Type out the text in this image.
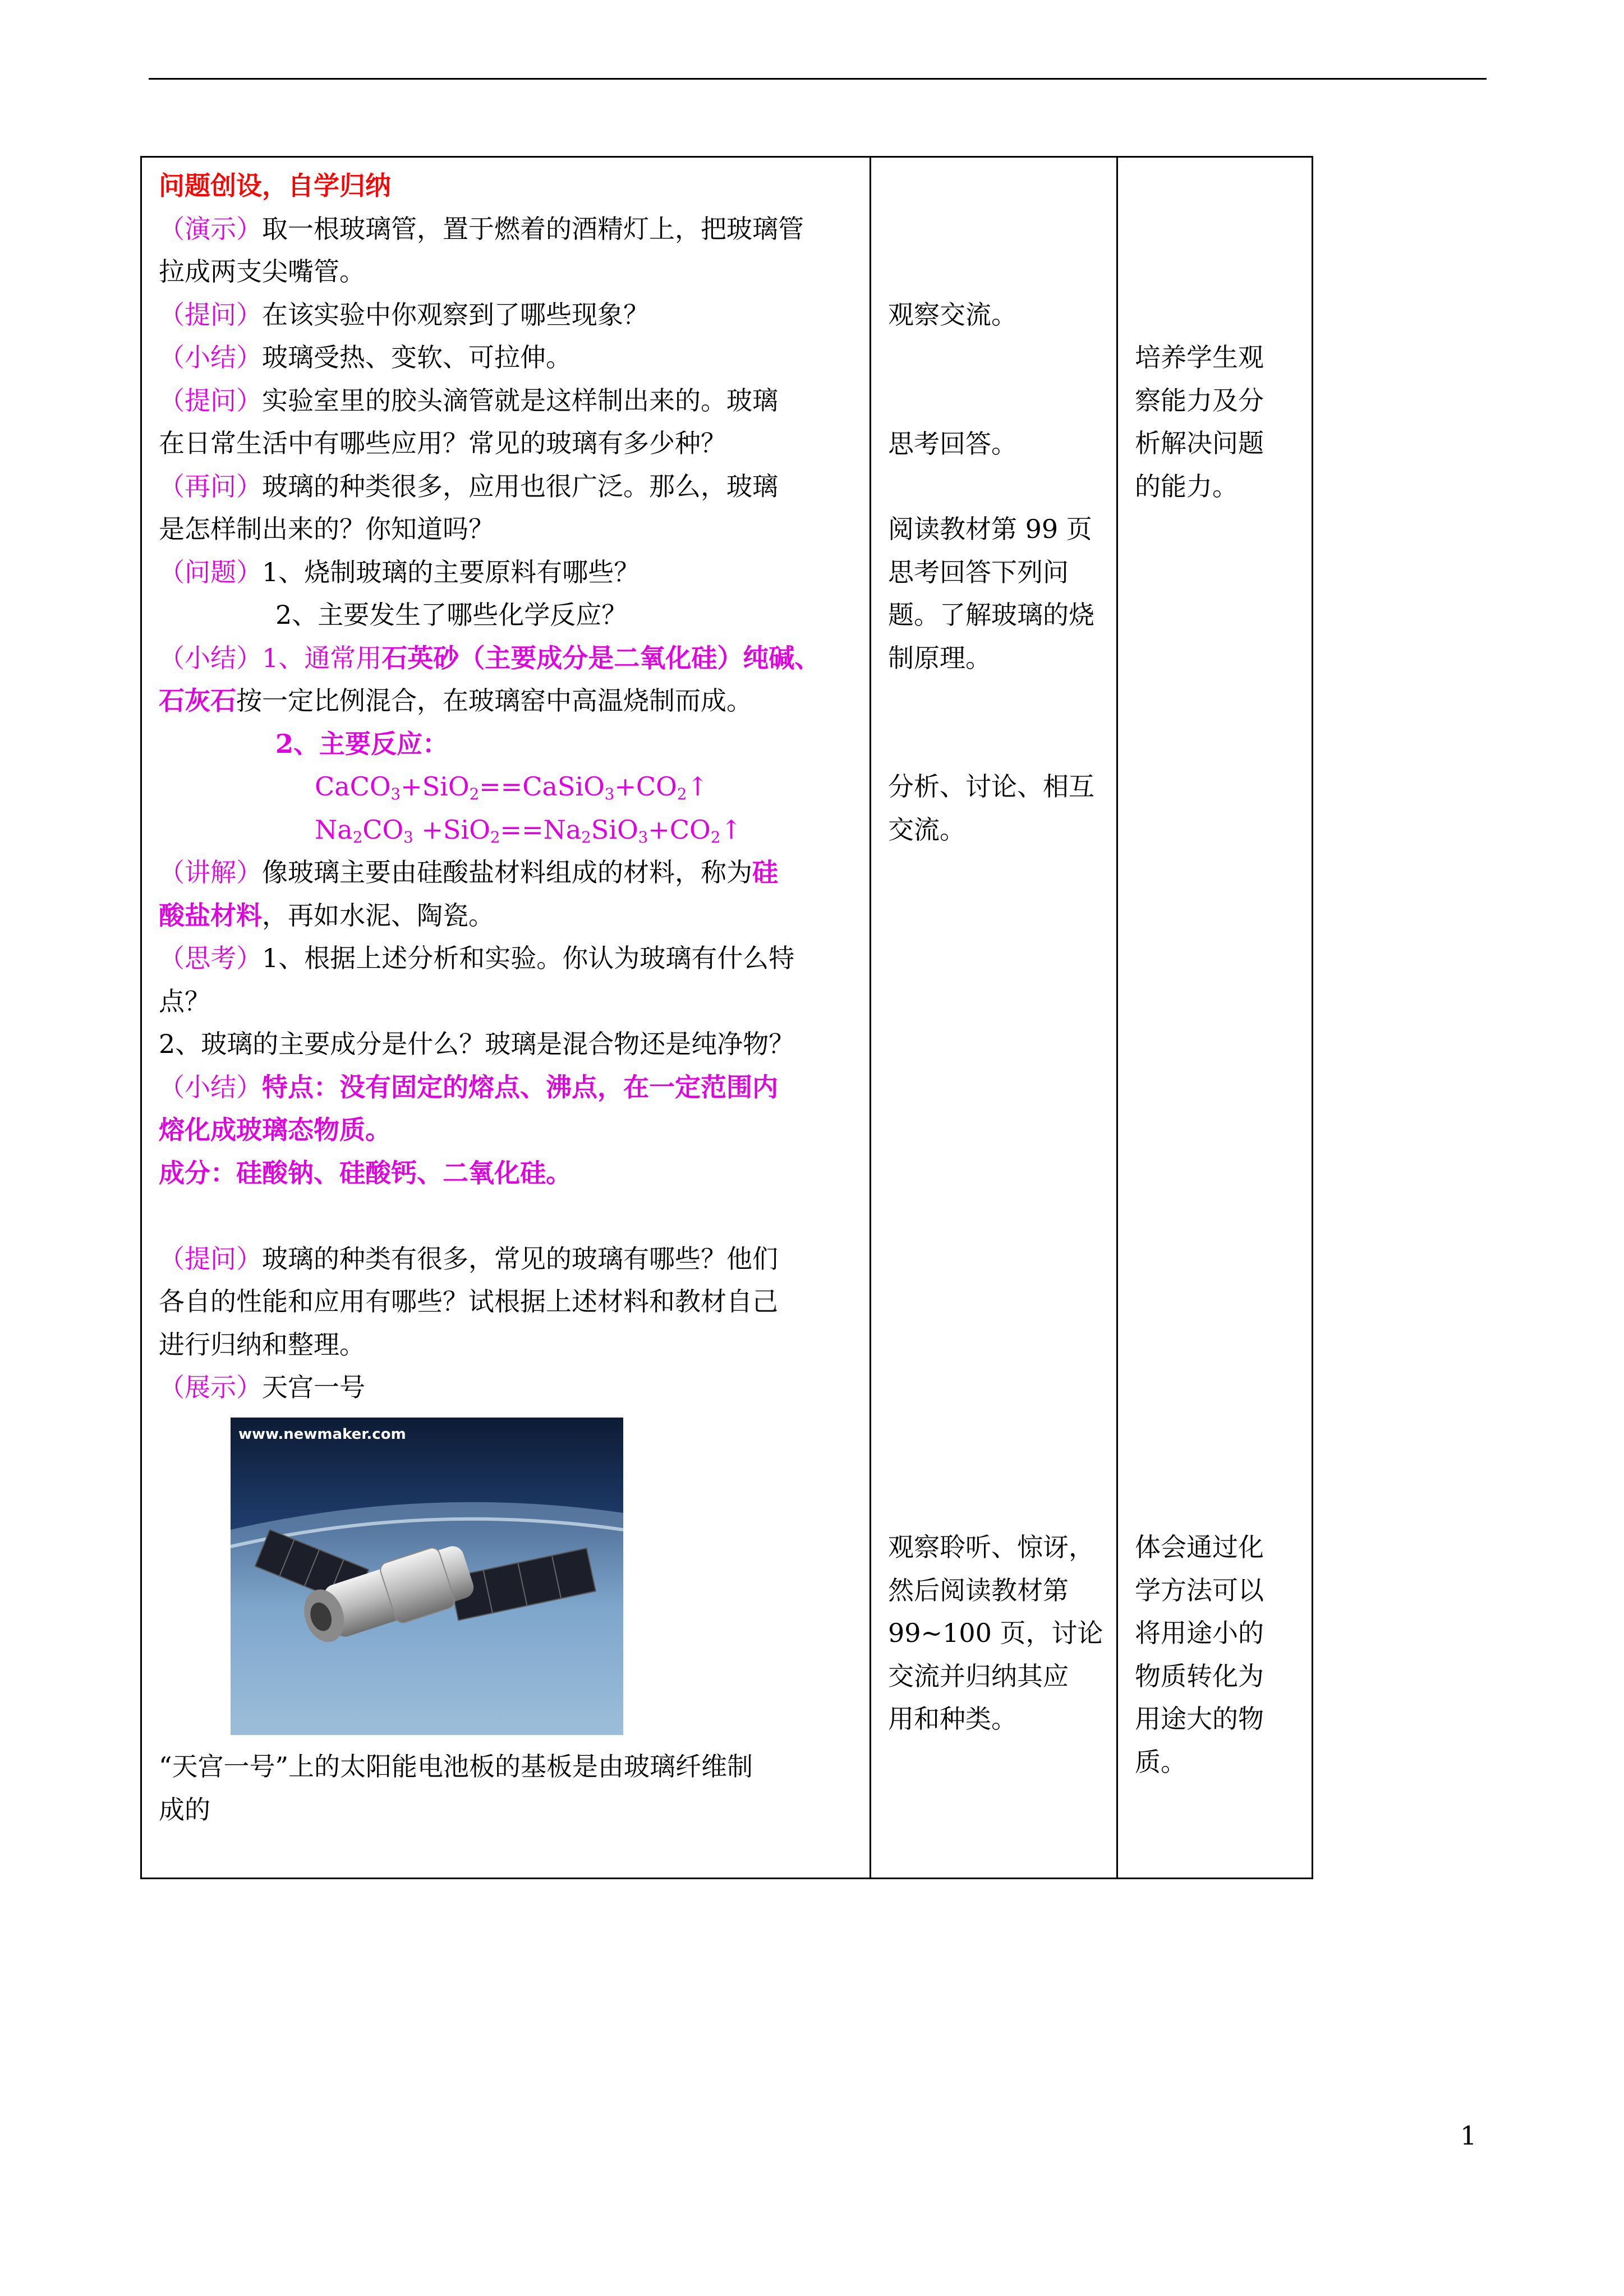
问题创设，自学归纳
（演示）取一根玻璃管，置于燃着的酒精灯上，把玻璃管
拉成两支尖嘴管。
（提问）在该实验中你观察到了哪些现象？
（小结）玻璃受热、变软、可拉伸。
（提问）实验室里的胶头滴管就是这样制出来的。玻璃
在日常生活中有哪些应用？常见的玻璃有多少种？
（再问）玻璃的种类很多，应用也很广泛。那么，玻璃
是怎样制出来的？你知道吗？
（问题）1、烧制玻璃的主要原料有哪些？
2、主要发生了哪些化学反应？
（小结）1、通常用石英砂（主要成分是二氧化硅）纯碱、
石灰石按一定比例混合，在玻璃窑中高温烧制而成。
2、主要反应：
$CaCO_3+SiO_2==CaSiO_3+CO_2↑$
$Na_2CO_3$ $+SiO_2==Na_2SiO_3+CO_2↑$
（讲解）像玻璃主要由硅酸盐材料组成的材料，称为硅
酸盐材料，再如水泥、陶瓷。
（思考）1、根据上述分析和实验。你认为玻璃有什么特
点？
2、玻璃的主要成分是什么？玻璃是混合物还是纯净物？
（小结）特点：没有固定的熔点、沸点，在一定范围内
熔化成玻璃态物质。
成分：硅酸钠、硅酸钙、二氧化硅。
（提问）玻璃的种类有很多，常见的玻璃有哪些？他们
各自的性能和应用有哪些？试根据上述材料和教材自己
进行归纳和整理。
（展示）天宫一号
www.newmaker.com
“天宫一号”上的太阳能电池板的基板是由玻璃纤维制
成的
观察交流。
思考回答。
阅读教材第 99 页
思考回答下列问
题。了解玻璃的烧
制原理。
分析、讨论、相互
交流。
观察聆听、惊讶，
然后阅读教材第
99~100 页，讨论
交流并归纳其应
用和种类。
培养学生观
察能力及分
析解决问题
的能力。
体会通过化
学方法可以
将用途小的
物质转化为
用途大的物
质。
1
